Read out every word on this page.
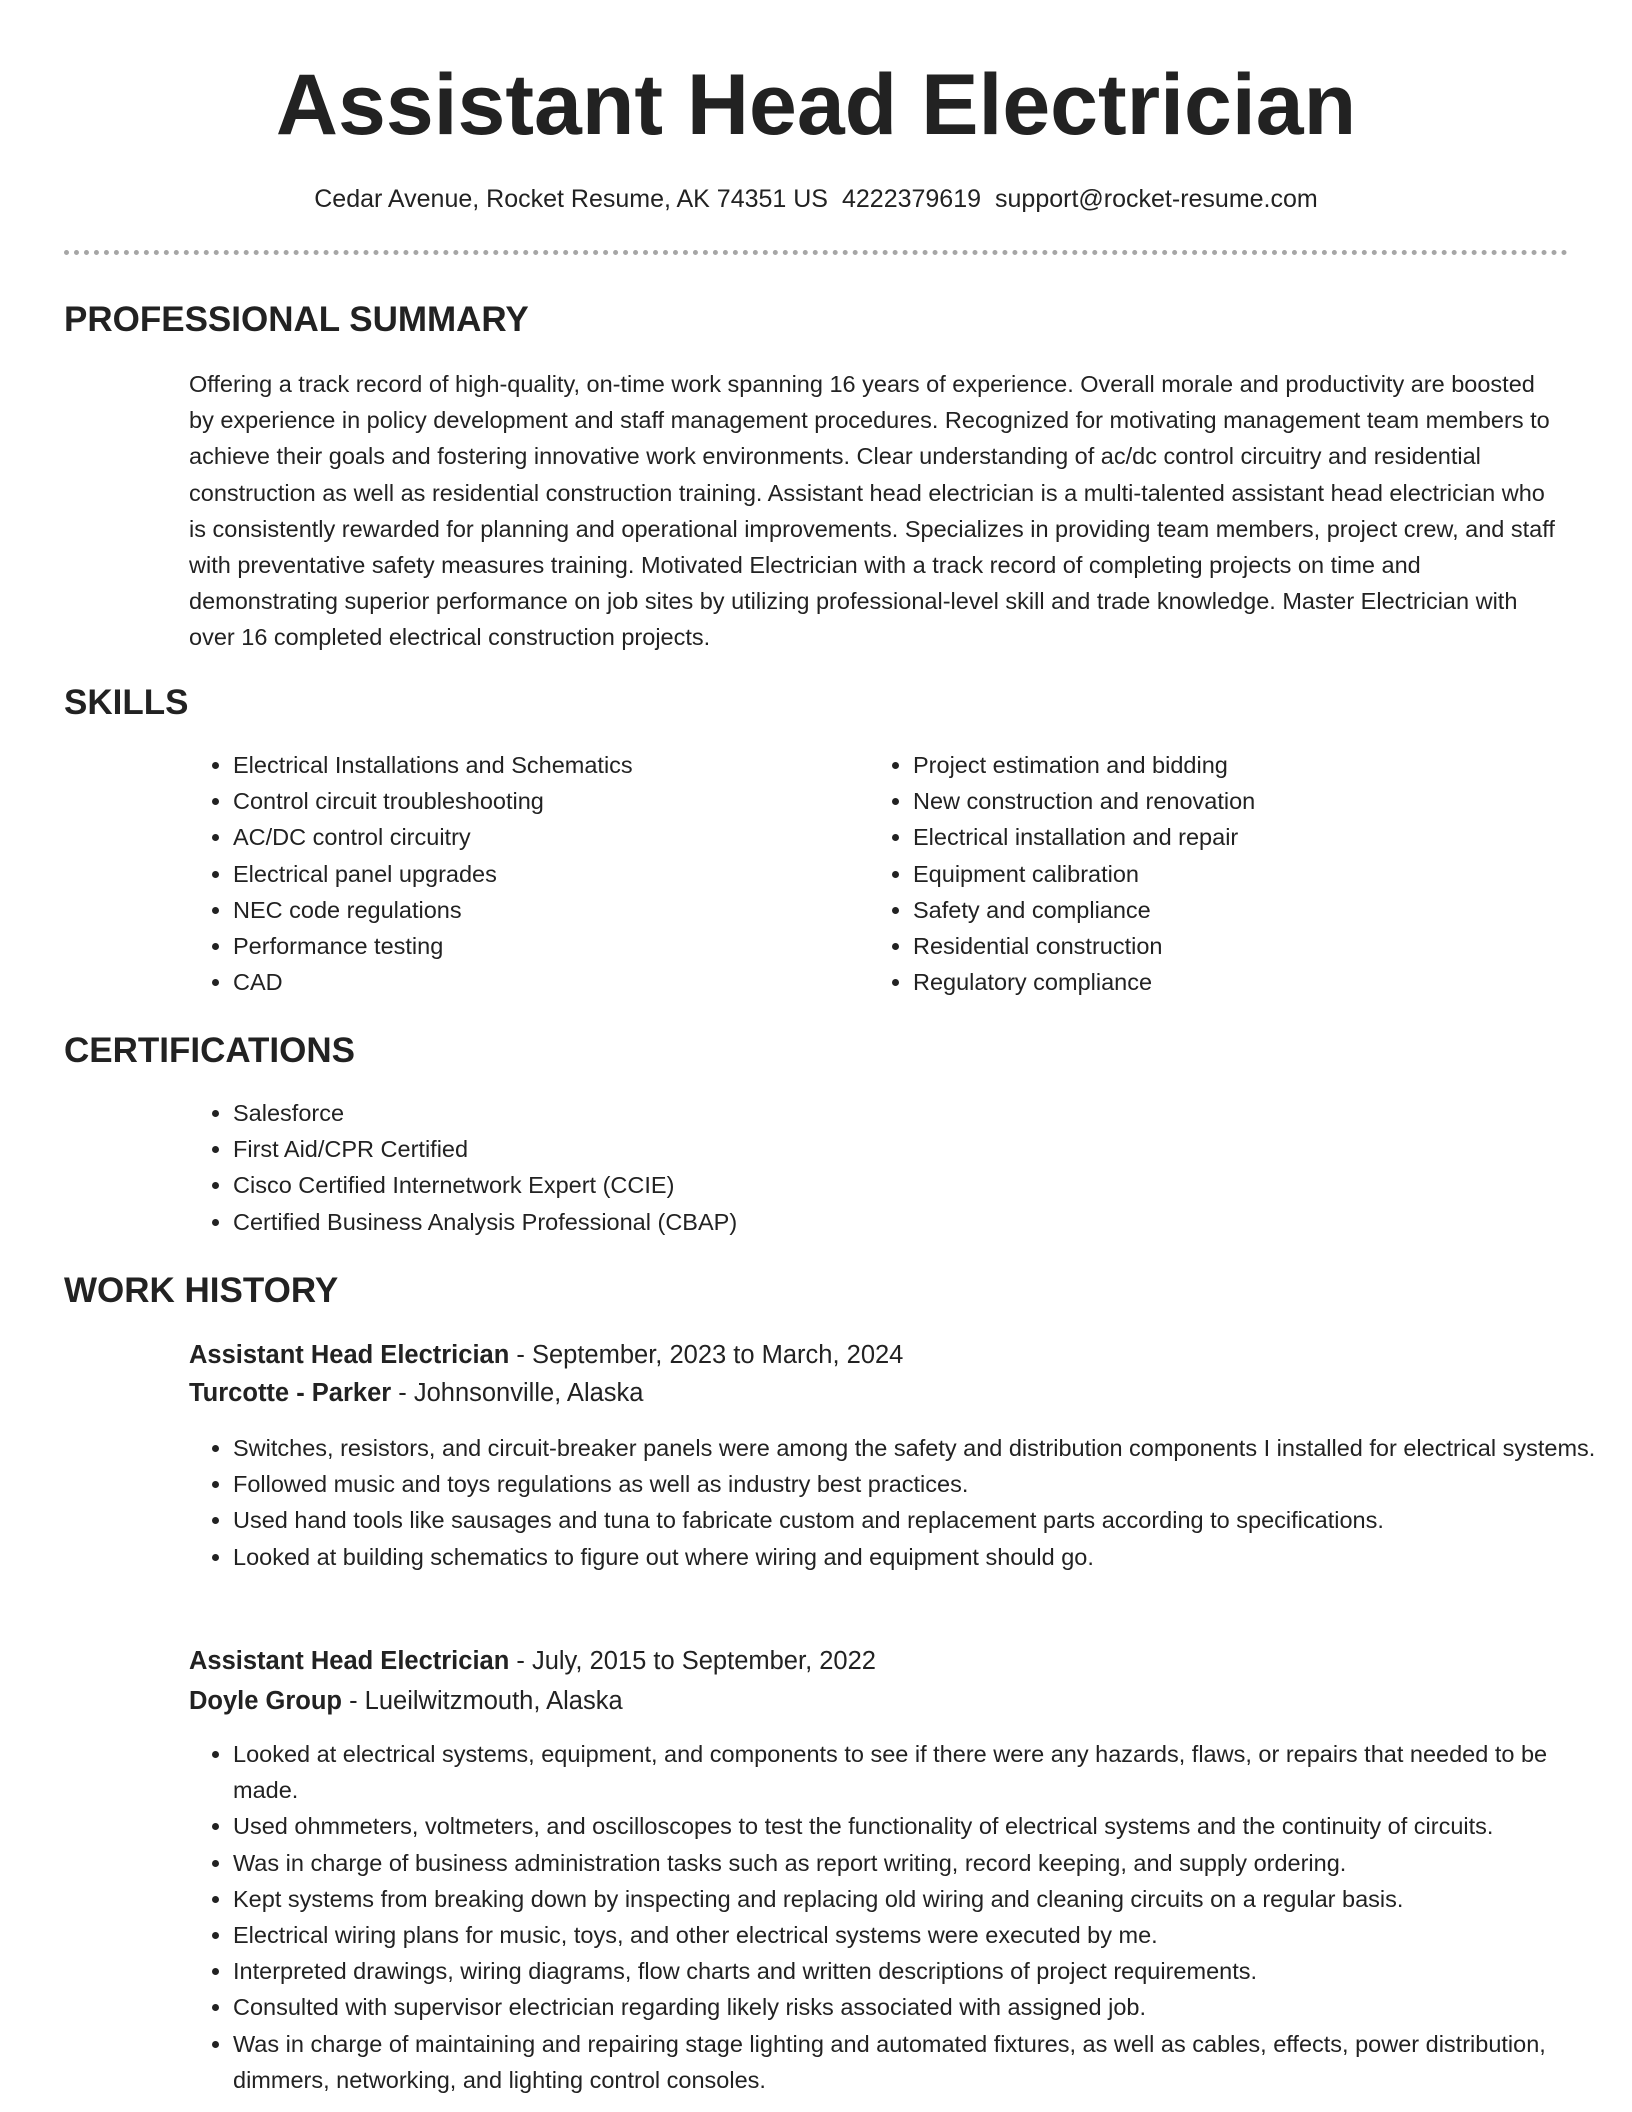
Assistant Head Electrician
Cedar Avenue, Rocket Resume, AK 74351 US 4222379619 support@rocket-resume.com
PROFESSIONAL SUMMARY

Offering a track record of high-quality, on-time work spanning 16 years of experience. Overall morale and productivity are boosted by experience in policy development and staff management procedures. Recognized for motivating management team members to achieve their goals and fostering innovative work environments. Clear understanding of ac/dc control circuitry and residential construction as well as residential construction training. Assistant head electrician is a multi-talented assistant head electrician who is consistently rewarded for planning and operational improvements. Specializes in providing team members, project crew, and staff with preventative safety measures training. Motivated Electrician with a track record of completing projects on time and demonstrating superior performance on job sites by utilizing professional-level skill and trade knowledge. Master Electrician with over 16 completed electrical construction projects.

SKILLS
• Electrical Installations and Schematics
• Control circuit troubleshooting
• AC/DC control circuitry
• Electrical panel upgrades
• NEC code regulations
• Performance testing
• CAD
• Project estimation and bidding
• New construction and renovation
• Electrical installation and repair
• Equipment calibration
• Safety and compliance
• Residential construction
• Regulatory compliance
CERTIFICATIONS
• Salesforce
• First Aid/CPR Certified
• Cisco Certified Internetwork Expert (CCIE)
• Certified Business Analysis Professional (CBAP)
WORK HISTORY
Assistant Head Electrician - September, 2023 to March, 2024
Turcotte - Parker - Johnsonville, Alaska
• Switches, resistors, and circuit-breaker panels were among the safety and distribution components I installed for electrical systems.
• Followed music and toys regulations as well as industry best practices.
• Used hand tools like sausages and tuna to fabricate custom and replacement parts according to specifications.
• Looked at building schematics to figure out where wiring and equipment should go.
Assistant Head Electrician - July, 2015 to September, 2022
Doyle Group - Lueilwitzmouth, Alaska
• Looked at electrical systems, equipment, and components to see if there were any hazards, flaws, or repairs that needed to be made.
• Used ohmmeters, voltmeters, and oscilloscopes to test the functionality of electrical systems and the continuity of circuits.
• Was in charge of business administration tasks such as report writing, record keeping, and supply ordering.
• Kept systems from breaking down by inspecting and replacing old wiring and cleaning circuits on a regular basis.
• Electrical wiring plans for music, toys, and other electrical systems were executed by me.
• Interpreted drawings, wiring diagrams, flow charts and written descriptions of project requirements.
• Consulted with supervisor electrician regarding likely risks associated with assigned job.
• Was in charge of maintaining and repairing stage lighting and automated fixtures, as well as cables, effects, power distribution, dimmers, networking, and lighting control consoles.
